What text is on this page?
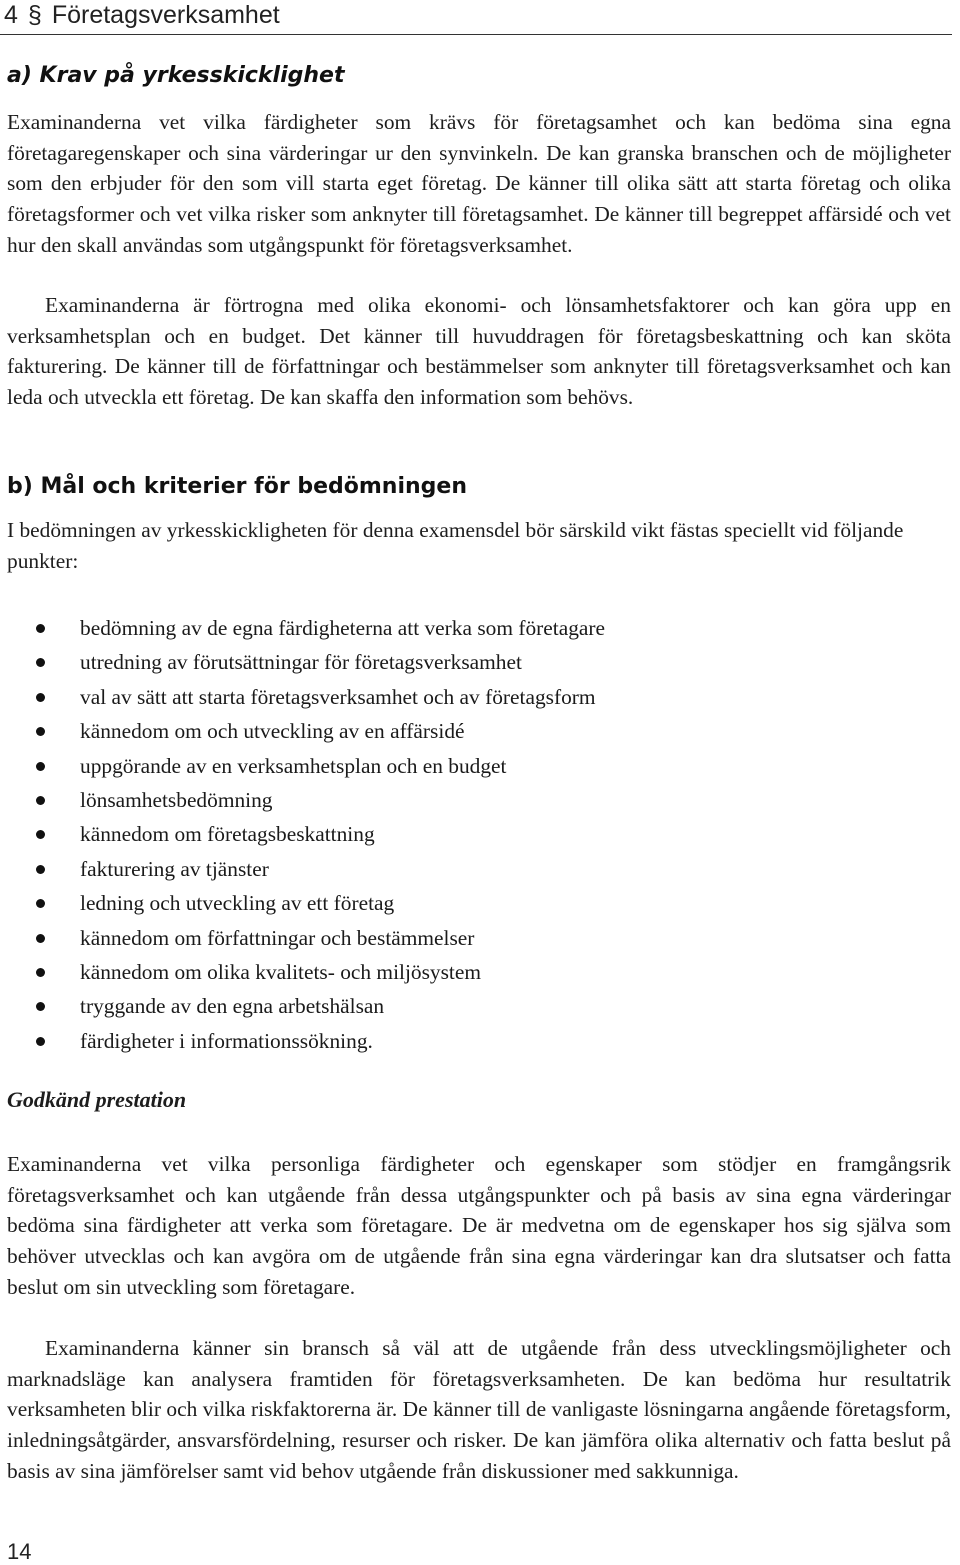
4 § Företagsverksamhet
a) Krav på yrkesskicklighet

Examinanderna vet vilka färdigheter som krävs för företagsamhet och kan bedöma sina egna företagaregenskaper och sina värderingar ur den synvinkeln. De kan granska branschen och de möjligheter som den erbjuder för den som vill starta eget företag. De känner till olika sätt att starta företag och olika företagsformer och vet vilka risker som anknyter till företagsamhet. De känner till begreppet affärsidé och vet hur den skall användas som utgångspunkt för företagsverksamhet.

Examinanderna är förtrogna med olika ekonomi- och lönsamhetsfaktorer och kan göra upp en verksamhetsplan och en budget. Det känner till huvuddragen för företagsbeskattning och kan sköta fakturering. De känner till de författningar och bestämmelser som anknyter till företagsverksamhet och kan leda och utveckla ett företag. De kan skaffa den information som behövs.

b) Mål och kriterier för bedömningen

I bedömningen av yrkesskickligheten för denna examensdel bör särskild vikt fästas speciellt vid följande punkter:

bedömning av de egna färdigheterna att verka som företagare
utredning av förutsättningar för företagsverksamhet
val av sätt att starta företagsverksamhet och av företagsform
kännedom om och utveckling av en affärsidé
uppgörande av en verksamhetsplan och en budget
lönsamhetsbedömning
kännedom om företagsbeskattning
fakturering av tjänster
ledning och utveckling av ett företag
kännedom om författningar och bestämmelser
kännedom om olika kvalitets- och miljösystem
tryggande av den egna arbetshälsan
färdigheter i informationssökning.
Godkänd prestation

Examinanderna vet vilka personliga färdigheter och egenskaper som stödjer en framgångsrik företagsverksamhet och kan utgående från dessa utgångspunkter och på basis av sina egna värderingar bedöma sina färdigheter att verka som företagare. De är medvetna om de egenskaper hos sig själva som behöver utvecklas och kan avgöra om de utgående från sina egna värderingar kan dra slutsatser och fatta beslut om sin utveckling som företagare.

Examinanderna känner sin bransch så väl att de utgående från dess utvecklingsmöjligheter och marknadsläge kan analysera framtiden för företagsverksamheten. De kan bedöma hur resultatrik verksamheten blir och vilka riskfaktorerna är. De känner till de vanligaste lösningarna angående företagsform, inledningsåtgärder, ansvarsfördelning, resurser och risker. De kan jämföra olika alternativ och fatta beslut på basis av sina jämförelser samt vid behov utgående från diskussioner med sakkunniga.

14
